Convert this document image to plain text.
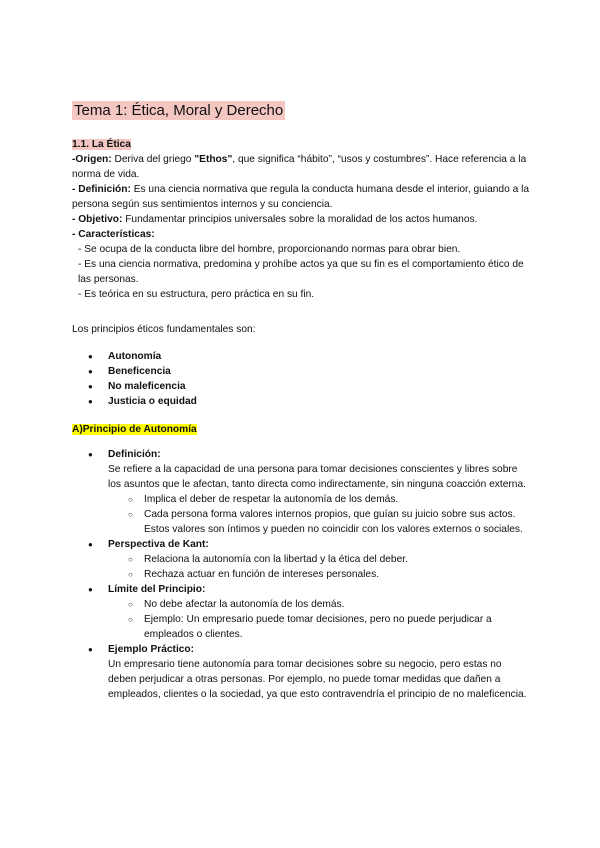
Tema 1: Ética, Moral y Derecho
1.1. La Ética
-Origen: Deriva del griego "Ethos", que significa “hábito”, “usos y costumbres”. Hace referencia a la norma de vida.
- Definición: Es una ciencia normativa que regula la conducta humana desde el interior, guiando a la persona según sus sentimientos internos y su conciencia.
- Objetivo: Fundamentar principios universales sobre la moralidad de los actos humanos.
- Características:
- Se ocupa de la conducta libre del hombre, proporcionando normas para obrar bien.
- Es una ciencia normativa, predomina y prohíbe actos ya que su fin es el comportamiento ético de las personas.
- Es teórica en su estructura, pero práctica en su fin.
Los principios éticos fundamentales son:
● Autonomía
● Beneficencia
● No maleficencia
● Justicia o equidad
A)Principio de Autonomía
● Definición:
Se refiere a la capacidad de una persona para tomar decisiones conscientes y libres sobre los asuntos que le afectan, tanto directa como indirectamente, sin ninguna coacción externa.
○ Implica el deber de respetar la autonomía de los demás.
○ Cada persona forma valores internos propios, que guían su juicio sobre sus actos. Estos valores son íntimos y pueden no coincidir con los valores externos o sociales.
● Perspectiva de Kant:
○ Relaciona la autonomía con la libertad y la ética del deber.
○ Rechaza actuar en función de intereses personales.
● Límite del Principio:
○ No debe afectar la autonomía de los demás.
○ Ejemplo: Un empresario puede tomar decisiones, pero no puede perjudicar a empleados o clientes.
● Ejemplo Práctico:
Un empresario tiene autonomía para tomar decisiones sobre su negocio, pero estas no deben perjudicar a otras personas. Por ejemplo, no puede tomar medidas que dañen a empleados, clientes o la sociedad, ya que esto contravendría el principio de no maleficencia.
